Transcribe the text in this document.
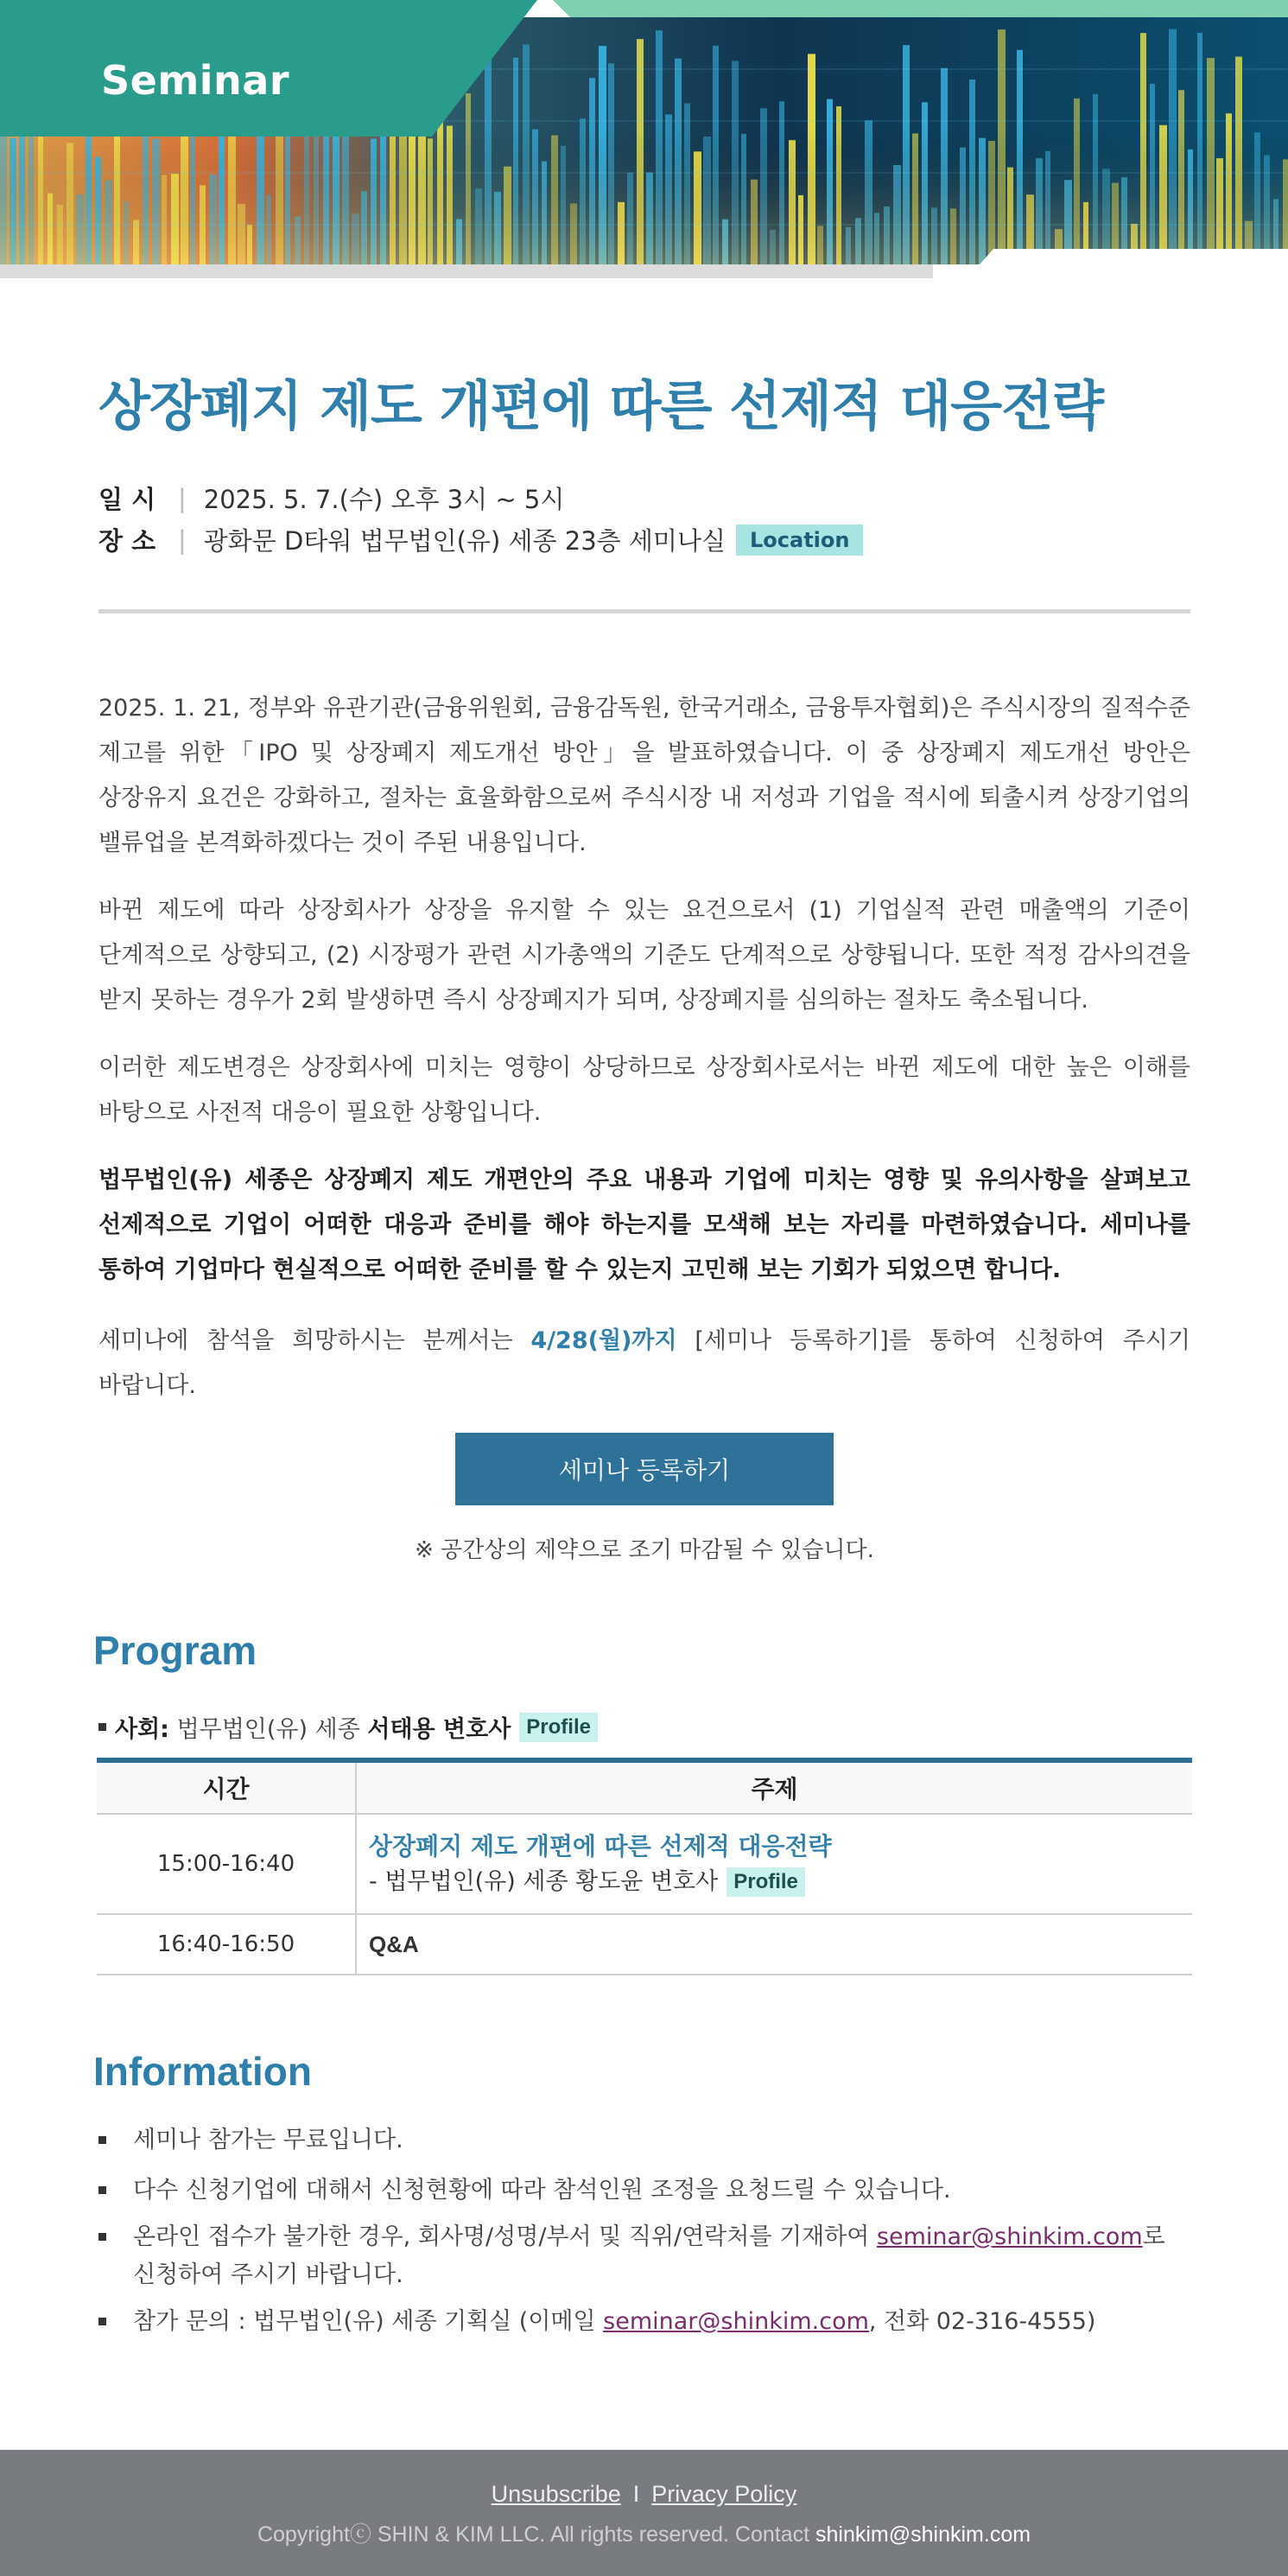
Seminar
상장폐지 제도 개편에 따른 선제적 대응전략
일 시 | 2025. 5. 7.(수) 오후 3시 ~ 5시
장 소 | 광화문 D타워 법무법인(유) 세종 23층 세미나실	Location

2025. 1. 21, 정부와 유관기관(금융위원회, 금융감독원, 한국거래소, 금융투자협회)은 주식시장의 질적수준 제고를 위한「IPO 및 상장폐지 제도개선 방안」을 발표하였습니다. 이 중 상장폐지 제도개선 방안은 상장유지 요건은 강화하고, 절차는 효율화함으로써 주식시장 내 저성과 기업을 적시에 퇴출시켜 상장기업의 밸류업을 본격화하겠다는 것이 주된 내용입니다.

바뀐 제도에 따라 상장회사가 상장을 유지할 수 있는 요건으로서 (1) 기업실적 관련 매출액의 기준이 단계적으로 상향되고, (2) 시장평가 관련 시가총액의 기준도 단계적으로 상향됩니다. 또한 적정 감사의견을 받지 못하는 경우가 2회 발생하면 즉시 상장폐지가 되며, 상장폐지를 심의하는 절차도 축소됩니다.

이러한 제도변경은 상장회사에 미치는 영향이 상당하므로 상장회사로서는 바뀐 제도에 대한 높은 이해를 바탕으로 사전적 대응이 필요한 상황입니다.

법무법인(유) 세종은 상장폐지 제도 개편안의 주요 내용과 기업에 미치는 영향 및 유의사항을 살펴보고 선제적으로 기업이 어떠한 대응과 준비를 해야 하는지를 모색해 보는 자리를 마련하였습니다. 세미나를 통하여 기업마다 현실적으로 어떠한 준비를 할 수 있는지 고민해 보는 기회가 되었으면 합니다.

세미나에 참석을 희망하시는 분께서는 4/28(월)까지 [세미나 등록하기]를 통하여 신청하여 주시기 바랍니다.

세미나 등록하기
※ 공간상의 제약으로 조기 마감될 수 있습니다.
Program
사회:
법무법인(유) 세종
서태용 변호사 Profile
시간	주제
15:00-16:40	상장폐지 제도 개편에 따른 선제적 대응전략
- 법무법인(유) 세종 황도윤 변호사 Profile

16:40-16:50	Q&A
Information
세미나 참가는 무료입니다.
다수 신청기업에 대해서 신청현황에 따라 참석인원 조정을 요청드릴 수 있습니다.
온라인 접수가 불가한 경우, 회사명/성명/부서 및 직위/연락처를 기재하여 seminar@shinkim.com로 신청하여 주시기 바랍니다.
참가 문의 : 법무법인(유) 세종 기획실 (이메일 seminar@shinkim.com, 전화 02-316-4555)
Unsubscribe I Privacy Policy
Copyrightⓒ SHIN & KIM LLC. All rights reserved. Contact shinkim@shinkim.com
